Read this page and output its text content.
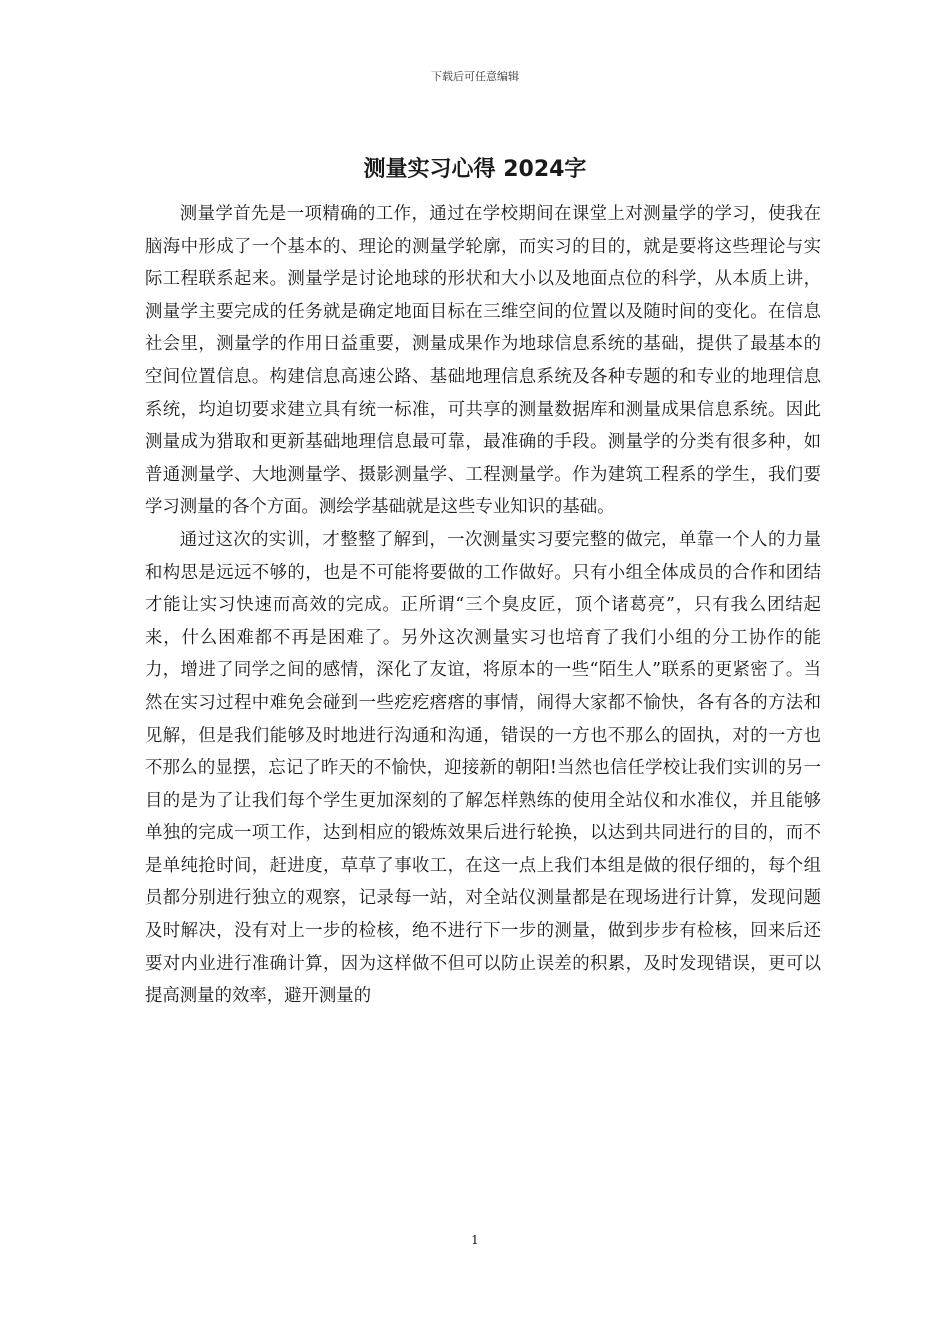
下载后可任意编辑
测量实习心得 2024字

测量学首先是一项精确的工作，通过在学校期间在课堂上对测量学的学习，使我在脑海中形成了一个基本的、理论的测量学轮廓，而实习的目的，就是要将这些理论与实际工程联系起来。测量学是讨论地球的形状和大小以及地面点位的科学，从本质上讲，测量学主要完成的任务就是确定地面目标在三维空间的位置以及随时间的变化。在信息社会里，测量学的作用日益重要，测量成果作为地球信息系统的基础，提供了最基本的空间位置信息。构建信息高速公路、基础地理信息系统及各种专题的和专业的地理信息系统，均迫切要求建立具有统一标准，可共享的测量数据库和测量成果信息系统。因此测量成为猎取和更新基础地理信息最可靠，最准确的手段。测量学的分类有很多种，如普通测量学、大地测量学、摄影测量学、工程测量学。作为建筑工程系的学生，我们要学习测量的各个方面。测绘学基础就是这些专业知识的基础。

通过这次的实训，才整整了解到，一次测量实习要完整的做完，单靠一个人的力量和构思是远远不够的，也是不可能将要做的工作做好。只有小组全体成员的合作和团结才能让实习快速而高效的完成。正所谓“三个臭皮匠，顶个诸葛亮”，只有我么团结起来，什么困难都不再是困难了。另外这次测量实习也培育了我们小组的分工协作的能力，增进了同学之间的感情，深化了友谊，将原本的一些“陌生人”联系的更紧密了。当然在实习过程中难免会碰到一些疙疙瘩瘩的事情，闹得大家都不愉快，各有各的方法和见解，但是我们能够及时地进行沟通和沟通，错误的一方也不那么的固执，对的一方也不那么的显摆，忘记了昨天的不愉快，迎接新的朝阳!当然也信任学校让我们实训的另一目的是为了让我们每个学生更加深刻的了解怎样熟练的使用全站仪和水准仪，并且能够单独的完成一项工作，达到相应的锻炼效果后进行轮换，以达到共同进行的目的，而不是单纯抢时间，赶进度，草草了事收工，在这一点上我们本组是做的很仔细的，每个组员都分别进行独立的观察，记录每一站，对全站仪测量都是在现场进行计算，发现问题及时解决，没有对上一步的检核，绝不进行下一步的测量，做到步步有检核，回来后还要对内业进行准确计算，因为这样做不但可以防止误差的积累，及时发现错误，更可以提高测量的效率，避开测量的

1
